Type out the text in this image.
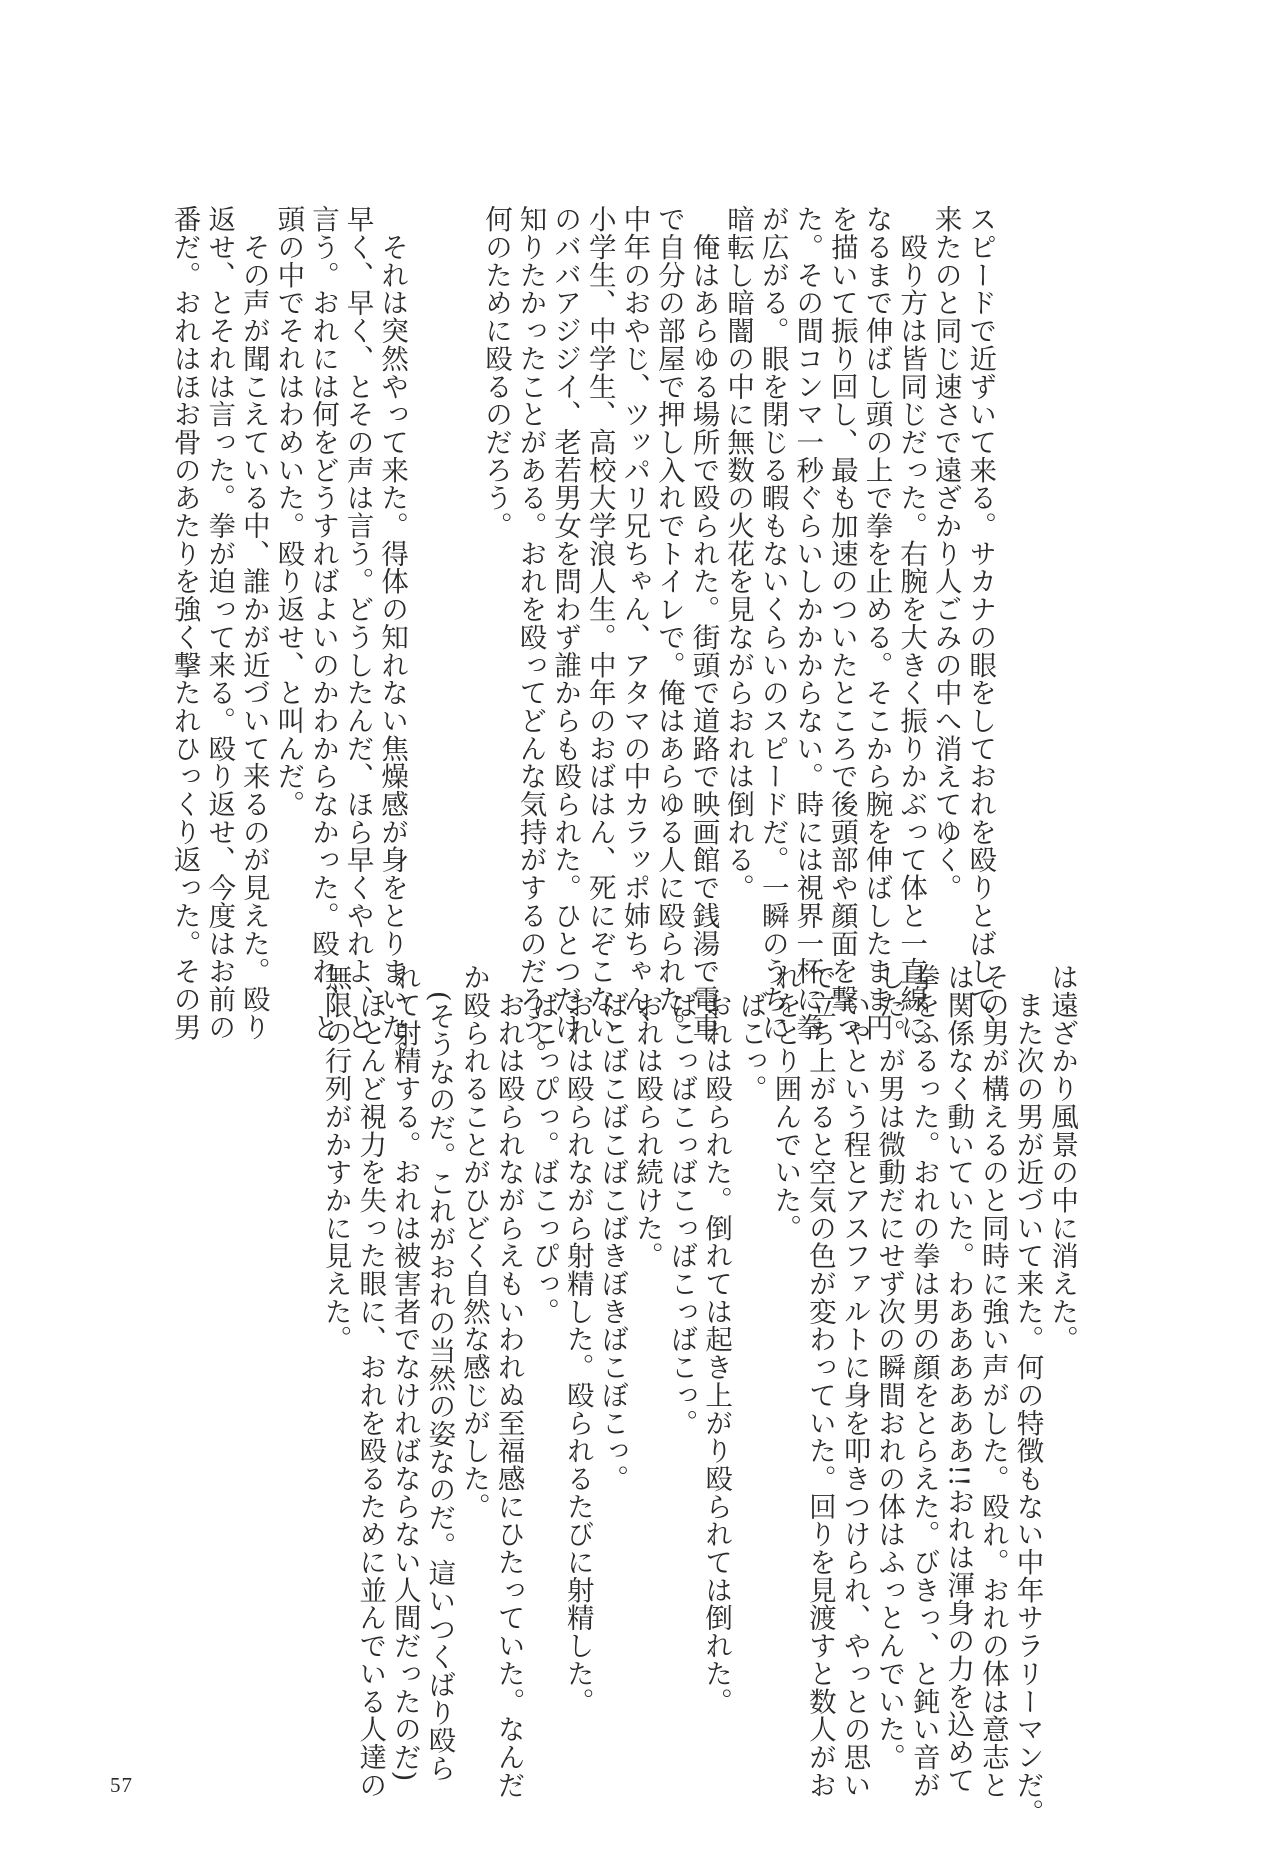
スピードで近ずいて来る。サカナの眼をしておれを殴りとばして、

来たのと同じ速さで遠ざかり人ごみの中へ消えてゆく。

　殴り方は皆同じだった。右腕を大きく振りかぶって体と一直線に

なるまで伸ばし頭の上で拳を止める。そこから腕を伸ばしたまま円

を描いて振り回し、最も加速のついたところで後頭部や顔面を撃っ

た。その間コンマ一秒ぐらいしかかからない。時には視界一杯に拳

が広がる。眼を閉じる暇もないくらいのスピードだ。一瞬のうちに

暗転し暗闇の中に無数の火花を見ながらおれは倒れる。

　俺はあらゆる場所で殴られた。街頭で道路で映画館で銭湯で電車

で自分の部屋で押し入れでトイレで。俺はあらゆる人に殴られた。

中年のおやじ、ツッパリ兄ちゃん、アタマの中カラッポ姉ちゃん、

小学生、中学生、高校大学浪人生。中年のおばはん、死にぞこない

のババアジジイ、老若男女を問わず誰からも殴られた。ひとつだけ

知りたかったことがある。おれを殴ってどんな気持がするのだろう。

何のために殴るのだろう。

　それは突然やって来た。得体の知れない焦燥感が身をとりまいた。

早く、早く、とその声は言う。どうしたんだ、ほら早くやれよ、と

言う。おれには何をどうすればよいのかわからなかった。殴れ、と

頭の中でそれはわめいた。殴り返せ、と叫んだ。

　その声が聞こえている中、誰かが近づいて来るのが見えた。殴り

返せ、とそれは言った。拳が迫って来る。殴り返せ、今度はお前の

番だ。おれはほお骨のあたりを強く撃たれひっくり返った。その男

は遠ざかり風景の中に消えた。

　また次の男が近づいて来た。何の特徴もない中年サラリーマンだ。

その男が構えるのと同時に強い声がした。殴れ。おれの体は意志と

は関係なく動いていた。わああああああ!!おれは渾身の力を込めて

拳をふるった。おれの拳は男の顔をとらえた。びきっ、と鈍い音が

した。が男は微動だにせず次の瞬間おれの体はふっとんでいた。

　いやという程とアスファルトに身を叩きつけられ、やっとの思い

で立ち上がると空気の色が変わっていた。回りを見渡すと数人がお

れをとり囲んでいた。

　ばこっ。

　おれは殴られた。倒れては起き上がり殴られては倒れた。

　ばこっばこっばこっばこっばこっ。

　おれは殴られ続けた。

　ばこばこばこばこばきぼきばこぼこっ。

　おれは殴られながら射精した。殴られるたびに射精した。

　ばこっぴっ。ばこっぴっ。

　おれは殴られながらえもいわれぬ至福感にひたっていた。なんだ

か殴られることがひどく自然な感じがした。

　(そうなのだ。これがおれの当然の姿なのだ。這いつくばり殴ら

れて射精する。おれは被害者でなければならない人間だったのだ)

　ほとんど視力を失った眼に、おれを殴るために並んでいる人達の

無限の行列がかすかに見えた。

57
